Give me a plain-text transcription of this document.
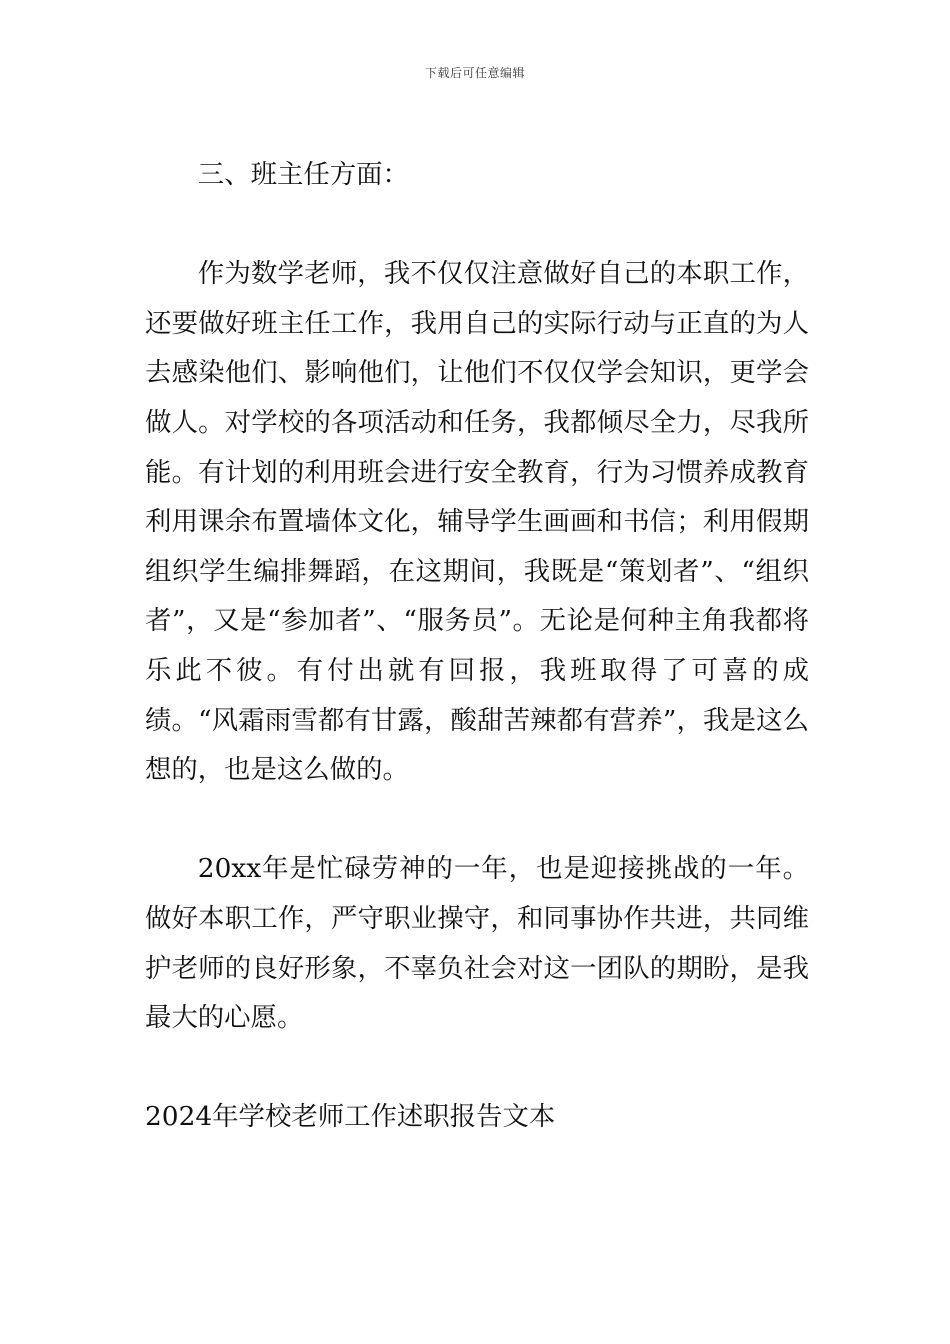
下载后可任意编辑

三、班主任方面：

作为数学老师，我不仅仅注意做好自己的本职工作，还要做好班主任工作，我用自己的实际行动与正直的为人去感染他们、影响他们，让他们不仅仅学会知识，更学会做人。对学校的各项活动和任务，我都倾尽全力，尽我所能。有计划的利用班会进行安全教育，行为习惯养成教育利用课余布置墙体文化，辅导学生画画和书信；利用假期组织学生编排舞蹈，在这期间，我既是“策划者”、“组织者”，又是“参加者”、“服务员”。无论是何种主角我都将乐此不彼。有付出就有回报，我班取得了可喜的成绩。“风霜雨雪都有甘露，酸甜苦辣都有营养”，我是这么想的，也是这么做的。

20xx年是忙碌劳神的一年，也是迎接挑战的一年。做好本职工作，严守职业操守，和同事协作共进，共同维护老师的良好形象，不辜负社会对这一团队的期盼，是我最大的心愿。

2024年学校老师工作述职报告文本
